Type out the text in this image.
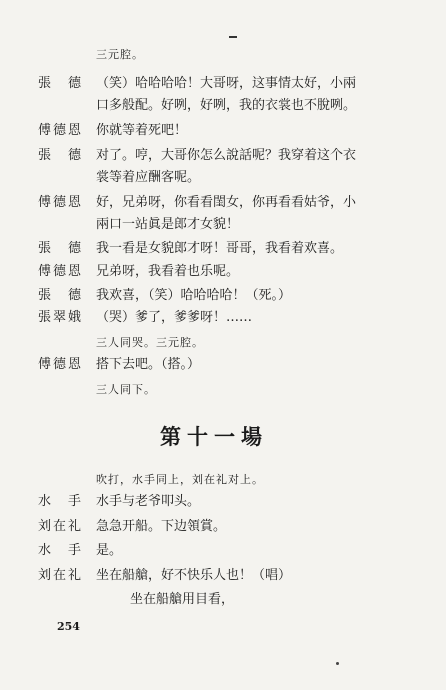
三元腔。
張　德 （笑）哈哈哈哈！大哥呀，这事情太好，小兩
口多般配。好咧，好咧，我的衣裳也不脫咧。
傅德恩 你就等着死吧！
張　德 对了。哼，大哥你怎么說話呢？我穿着这个衣
裳等着应酬客呢。
傅德恩 好，兄弟呀，你看看閨女，你再看看姑爷，小
兩口一站眞是郎才女貌！
張　德 我一看是女貌郎才呀！哥哥，我看着欢喜。
傅德恩 兄弟呀，我看着也乐呢。
張　德 我欢喜，（笑）哈哈哈哈！（死。）
張翠娥 （哭）爹了，爹爹呀！……
三人同哭。三元腔。
傅德恩 搭下去吧。（搭。）
三人同下。
第十一場
吹打，水手同上，刘在礼对上。
水　手 水手与老爷叩头。
刘在礼 急急开船。下边領賞。
水　手 是。
刘在礼 坐在船艙，好不快乐人也！（唱）
坐在船艙用目看，
254
